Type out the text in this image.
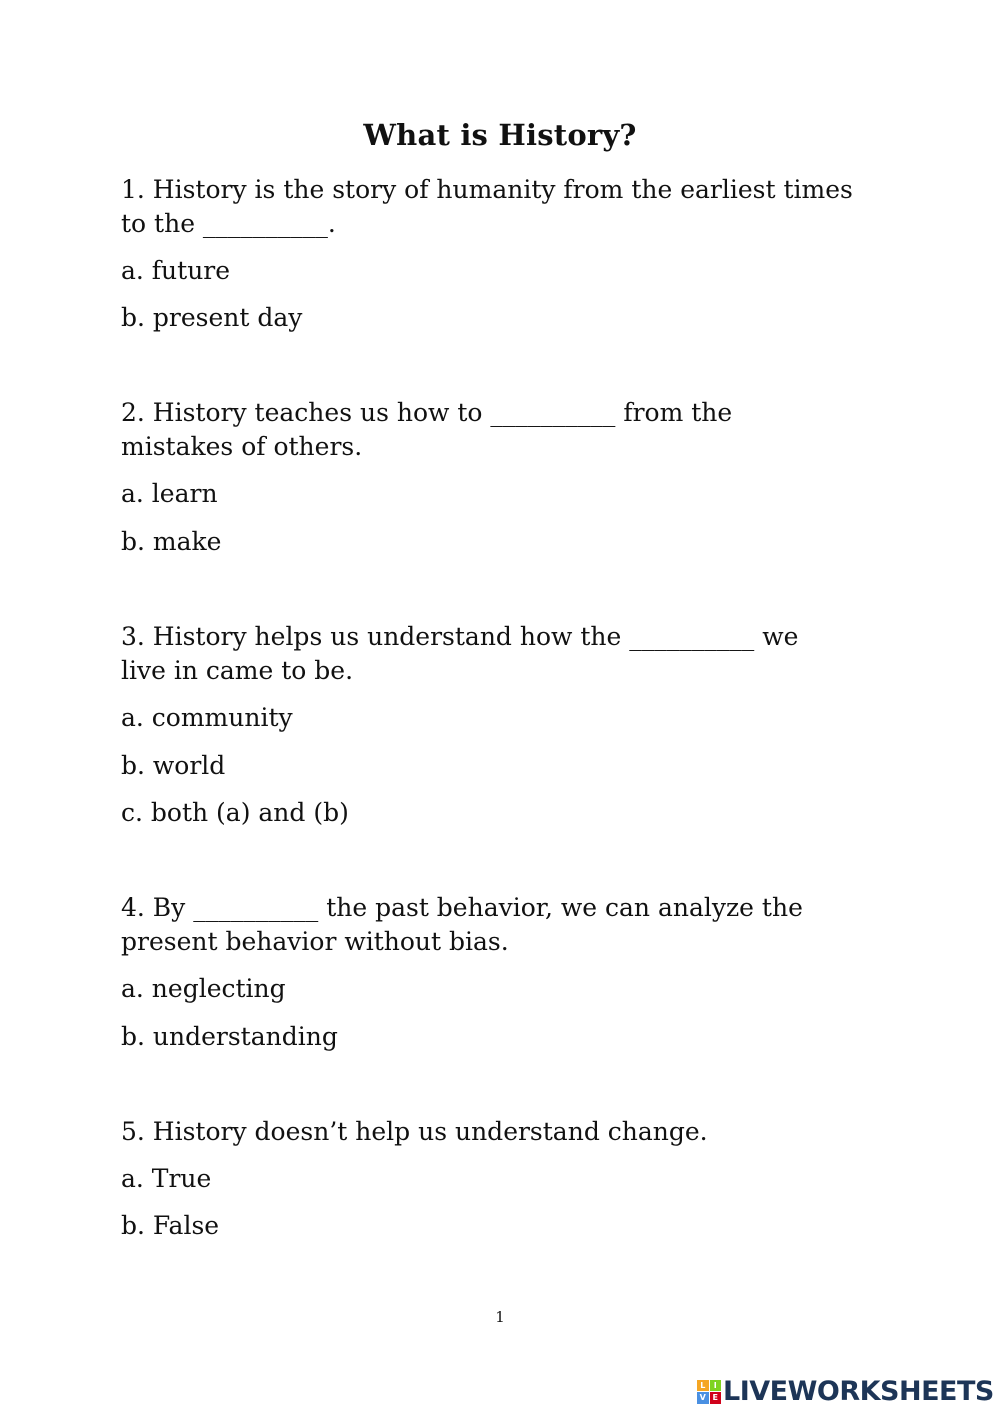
What is History?
1. History is the story of humanity from the earliest times
to the __________.
a. future
b. present day
2. History teaches us how to __________ from the
mistakes of others.
a. learn
b. make
3. History helps us understand how the __________ we
live in came to be.
a. community
b. world
c. both (a) and (b)
4. By __________ the past behavior, we can analyze the
present behavior without bias.
a. neglecting
b. understanding
5. History doesn’t help us understand change.
a. True
b. False
1
L	I
V E LIVEWORKSHEETS
